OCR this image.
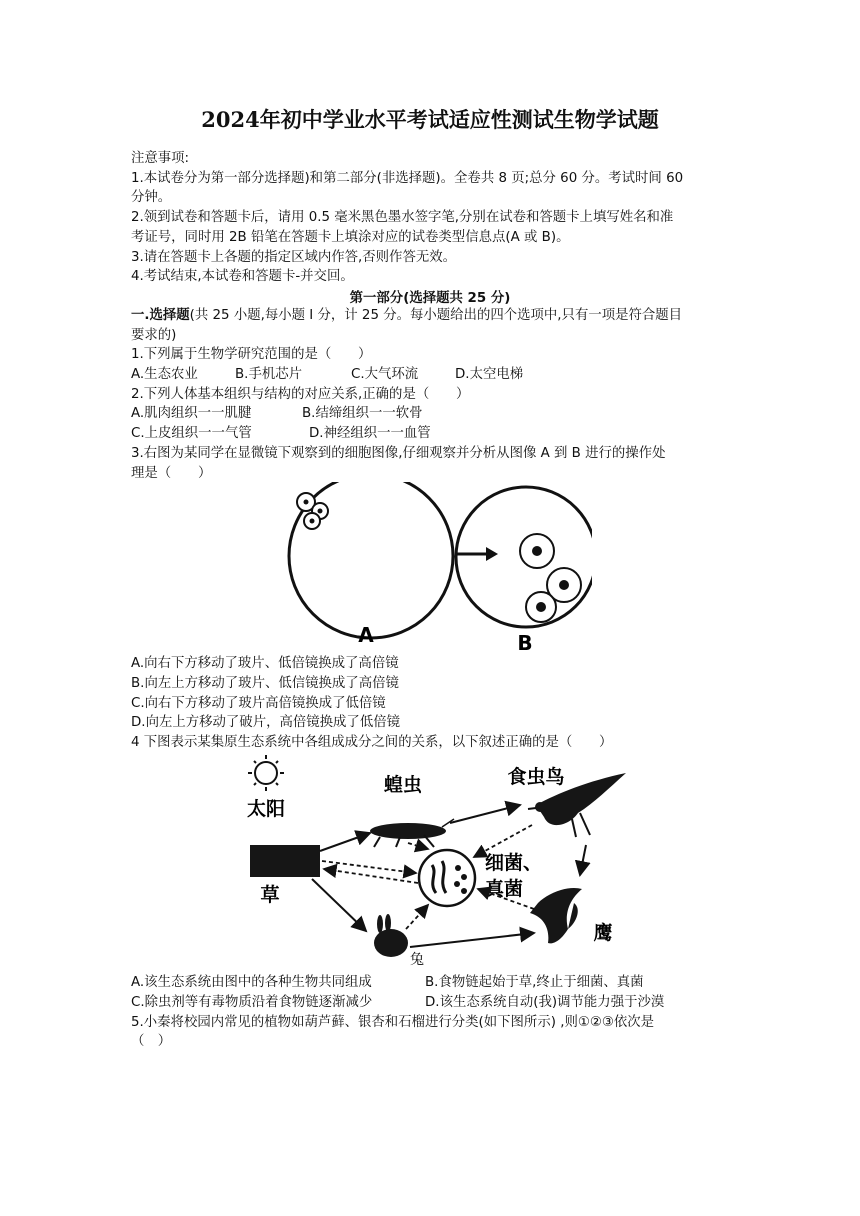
2024年初中学业水平考试适应性测试生物学试题
注意事项:
1.本试卷分为第一部分选择题)和第二部分(非选择题)。全卷共 8 页;总分 60 分。考试时间 60
分钟。
2.领到试卷和答题卡后，请用 0.5 毫米黑色墨水签字笔,分别在试卷和答题卡上填写姓名和准
考证号，同时用 2B 铅笔在答题卡上填涂对应的试卷类型信息点(A 或 B)。
3.请在答题卡上各题的指定区域内作答,否则作答无效。
4.考试结束,本试卷和答题卡-并交回。
第一部分(选择题共 25 分)
一.选择题(共 25 小题,每小题 I 分，计 25 分。每小题给出的四个选项中,只有一项是符合题目
要求的)
1.下列属于生物学研究范围的是（　　）
A.生态农业	B.手机芯片	C.大气环流	D.太空电梯
2.下列人体基本组织与结构的对应关系,正确的是（　　）
A.肌肉组织一一肌腱	B.结缔组织一一软骨
C.上皮组织一一气管	D.神经组织一一血管
3.右图为某同学在显微镜下观察到的细胞图像,仔细观察并分析从图像 A 到 B 进行的操作处
理是（　　）
A	B
A.向右下方移动了玻片、低倍镜换成了高倍镜
B.向左上方移动了玻片、低信镜换成了高倍镜
C.向右下方移动了玻片高倍镜换成了低倍镜
D.向左上方移动了破片，高倍镜换成了低倍镜
4 下图表示某集原生态系统中各组成成分之间的关系，以下叙述正确的是（　　）
太阳
草
蝗虫	食虫鸟
细菌、
真菌
鹰
兔
A.该生态系统由图中的各种生物共同组成	B.食物链起始于草,终止于细菌、真菌
C.除虫剂等有毒物质沿着食物链逐渐减少	D.该生态系统自动(我)调节能力强于沙漠
5.小秦将校园内常见的植物如葫芦藓、银杏和石榴进行分类(如下图所示) ,则①②③依次是
（　）
